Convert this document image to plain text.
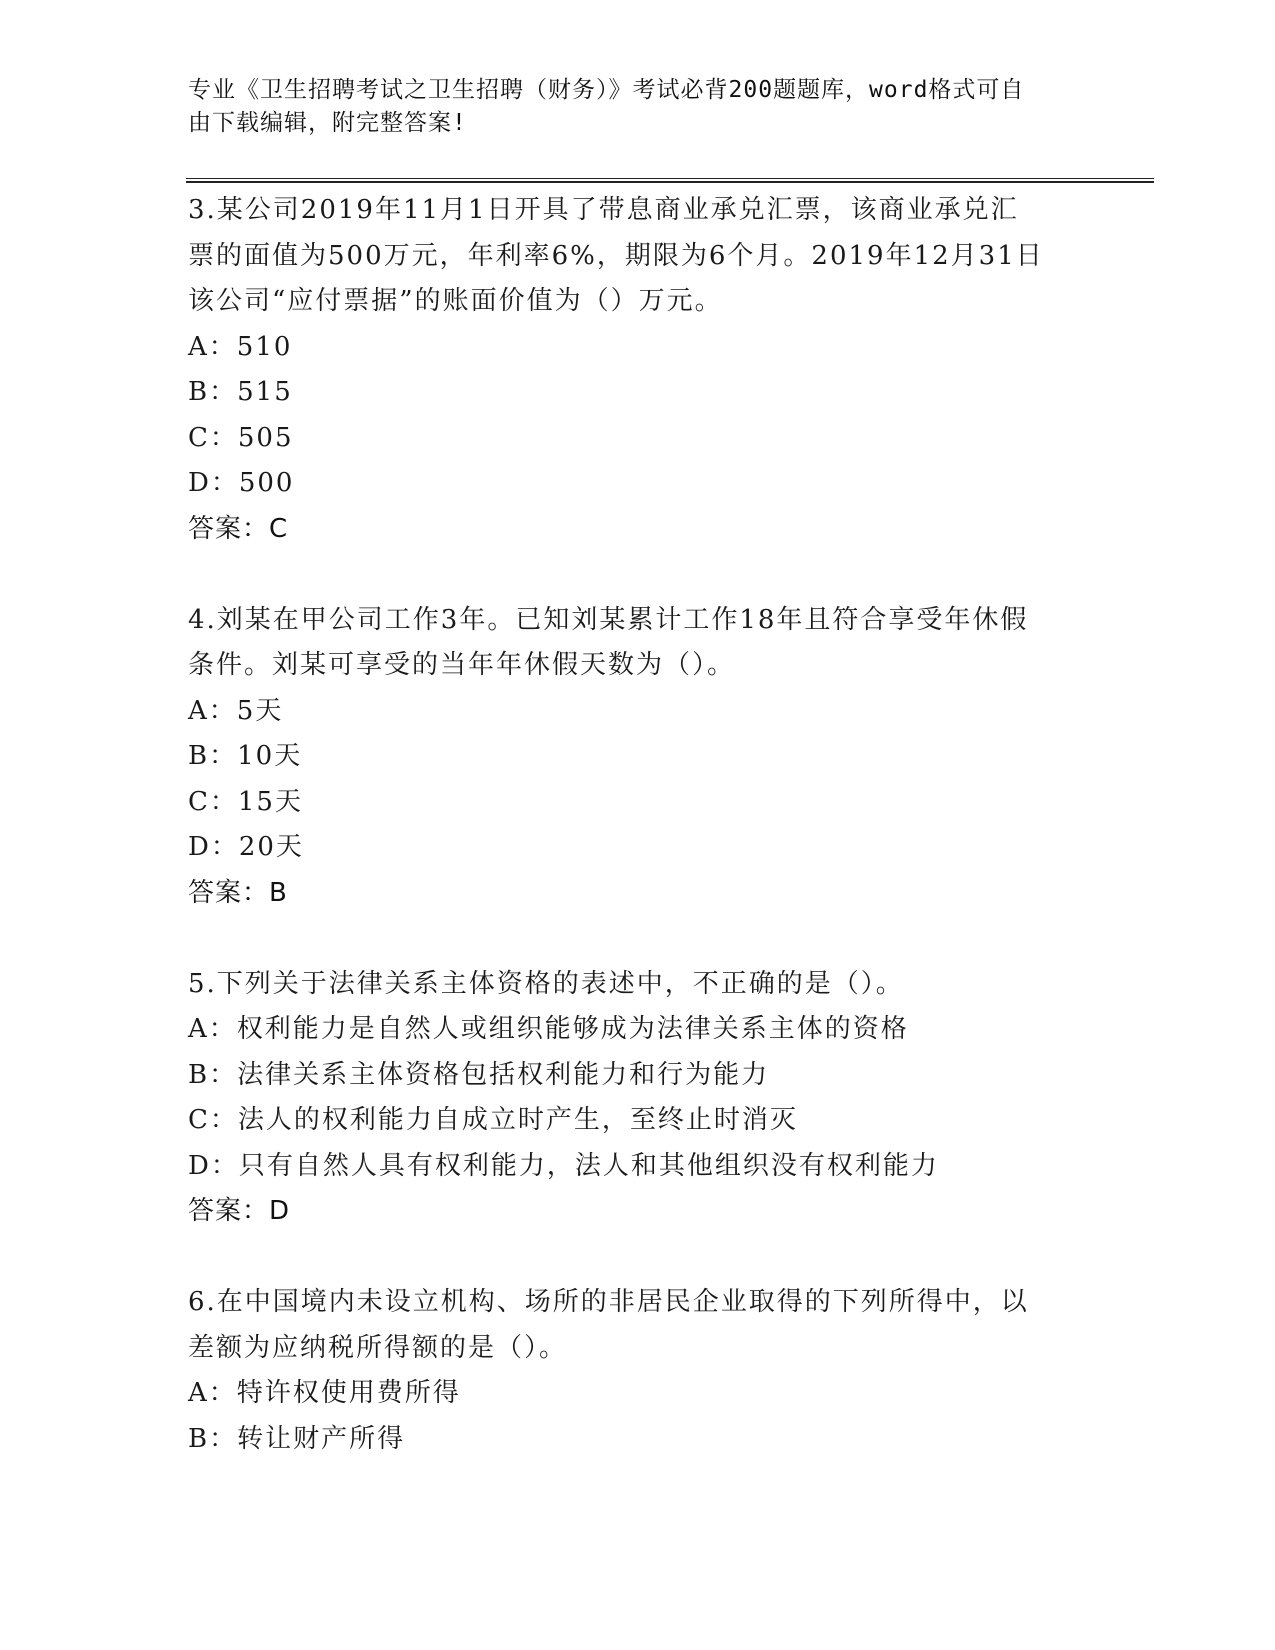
专业《卫生招聘考试之卫生招聘（财务）》考试必背200题题库，word格式可自
由下载编辑，附完整答案!
3.某公司2019年11月1日开具了带息商业承兑汇票，该商业承兑汇
票的面值为500万元，年利率6%，期限为6个月。2019年12月31日
该公司“应付票据”的账面价值为（）万元。
A：510
B：515
C：505
D：500
答案：C
4.刘某在甲公司工作3年。已知刘某累计工作18年且符合享受年休假
条件。刘某可享受的当年年休假天数为（）。
A：5天
B：10天
C：15天
D：20天
答案：B
5.下列关于法律关系主体资格的表述中，不正确的是（）。
A：权利能力是自然人或组织能够成为法律关系主体的资格
B：法律关系主体资格包括权利能力和行为能力
C：法人的权利能力自成立时产生，至终止时消灭
D：只有自然人具有权利能力，法人和其他组织没有权利能力
答案：D
6.在中国境内未设立机构、场所的非居民企业取得的下列所得中，以
差额为应纳税所得额的是（）。
A：特许权使用费所得
B：转让财产所得
